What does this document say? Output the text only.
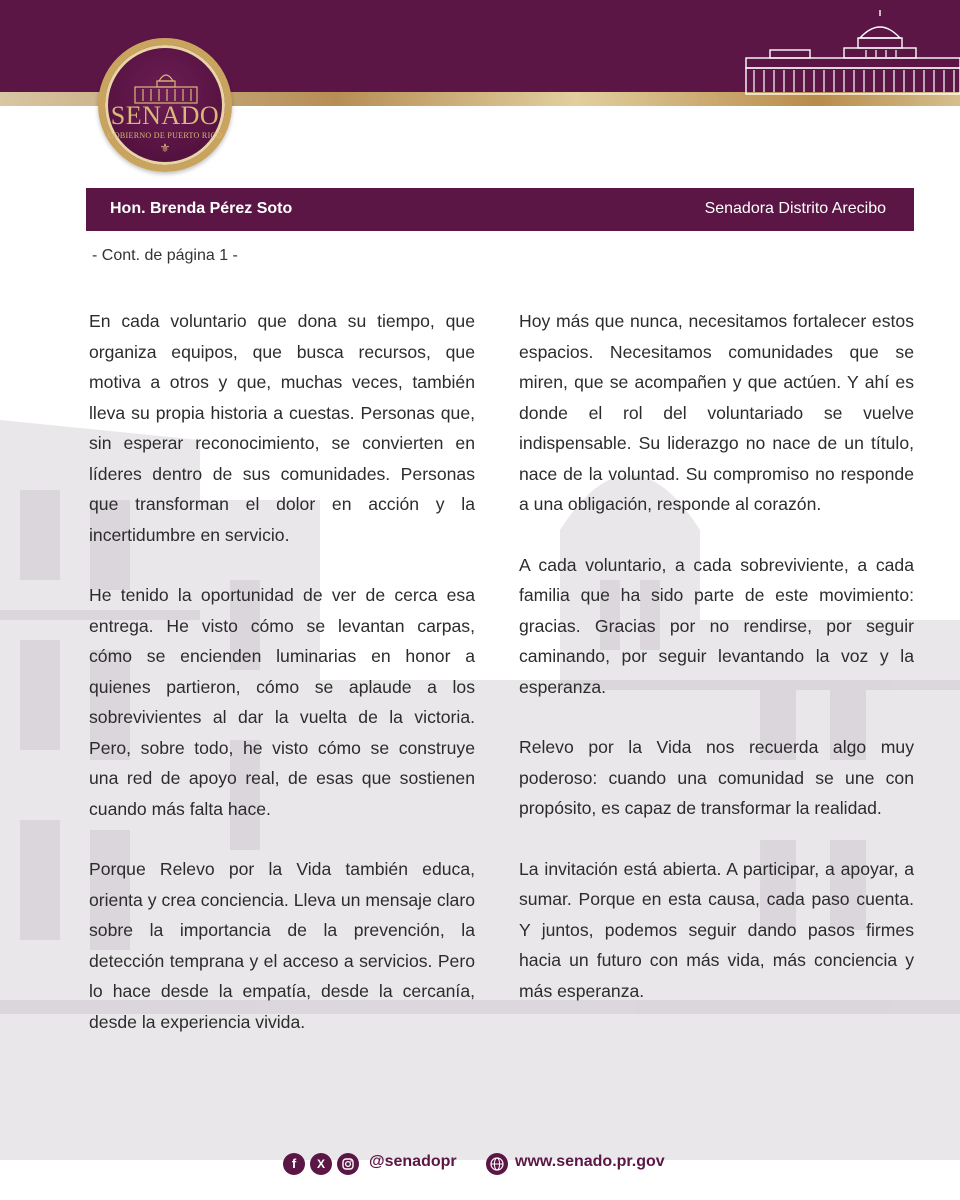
SENADO
GOBIERNO DE PUERTO RICO
⚜
Hon. Brenda Pérez Soto	Senadora Distrito Arecibo
- Cont. de página 1 -

En cada voluntario que dona su tiempo, que organiza equipos, que busca recursos, que motiva a otros y que, muchas veces, también lleva su propia historia a cuestas. Personas que, sin esperar reconocimiento, se convierten en líderes dentro de sus comunidades. Personas que transforman el dolor en acción y la incertidumbre en servicio.

He tenido la oportunidad de ver de cerca esa entrega. He visto cómo se levantan carpas, cómo se encienden luminarias en honor a quienes partieron, cómo se aplaude a los sobrevivientes al dar la vuelta de la victoria. Pero, sobre todo, he visto cómo se construye una red de apoyo real, de esas que sostienen cuando más falta hace.

Porque Relevo por la Vida también educa, orienta y crea conciencia. Lleva un mensaje claro sobre la importancia de la prevención, la detección temprana y el acceso a servicios. Pero lo hace desde la empatía, desde la cercanía, desde la experiencia vivida.

Hoy más que nunca, necesitamos fortalecer estos espacios. Necesitamos comunidades que se miren, que se acompañen y que actúen. Y ahí es donde el rol del voluntariado se vuelve indispensable. Su liderazgo no nace de un título, nace de la voluntad. Su compromiso no responde a una obligación, responde al corazón.

A cada voluntario, a cada sobreviviente, a cada familia que ha sido parte de este movimiento: gracias. Gracias por no rendirse, por seguir caminando, por seguir levantando la voz y la esperanza.

Relevo por la Vida nos recuerda algo muy poderoso: cuando una comunidad se une con propósito, es capaz de transformar la realidad.

La invitación está abierta. A participar, a apoyar, a sumar. Porque en esta causa, cada paso cuenta. Y juntos, podemos seguir dando pasos firmes hacia un futuro con más vida, más conciencia y más esperanza.

f	X	@senadopr	www.senado.pr.gov
